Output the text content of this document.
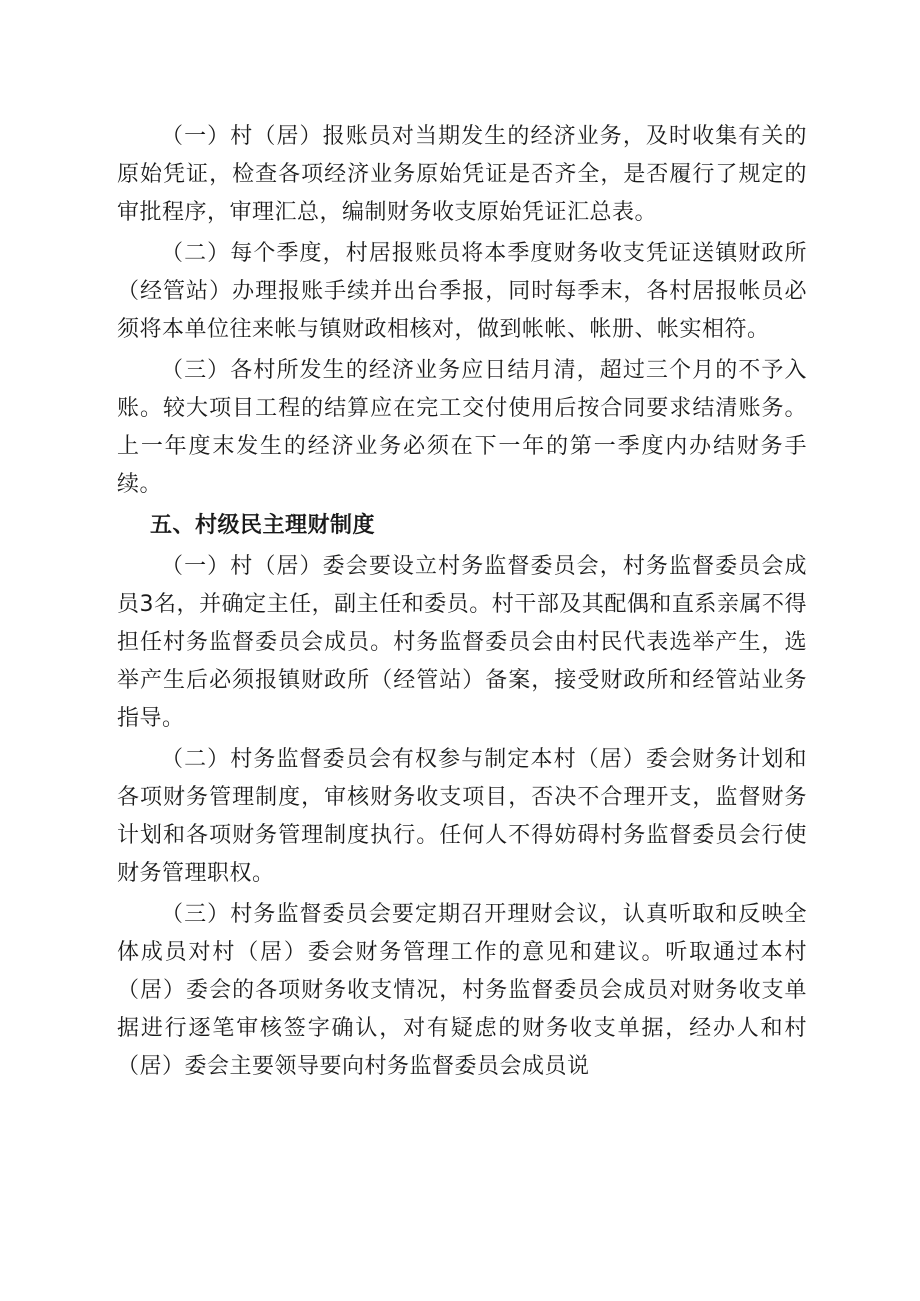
（一）村（居）报账员对当期发生的经济业务，及时收集有关的原始凭证，检查各项经济业务原始凭证是否齐全，是否履行了规定的审批程序，审理汇总，编制财务收支原始凭证汇总表。

（二）每个季度，村居报账员将本季度财务收支凭证送镇财政所（经管站）办理报账手续并出台季报，同时每季末，各村居报帐员必须将本单位往来帐与镇财政相核对，做到帐帐、帐册、帐实相符。

（三）各村所发生的经济业务应日结月清，超过三个月的不予入账。较大项目工程的结算应在完工交付使用后按合同要求结清账务。上一年度末发生的经济业务必须在下一年的第一季度内办结财务手续。

五、村级民主理财制度

（一）村（居）委会要设立村务监督委员会，村务监督委员会成员3名，并确定主任，副主任和委员。村干部及其配偶和直系亲属不得担任村务监督委员会成员。村务监督委员会由村民代表选举产生，选举产生后必须报镇财政所（经管站）备案，接受财政所和经管站业务指导。

（二）村务监督委员会有权参与制定本村（居）委会财务计划和各项财务管理制度，审核财务收支项目，否决不合理开支，监督财务计划和各项财务管理制度执行。任何人不得妨碍村务监督委员会行使财务管理职权。

（三）村务监督委员会要定期召开理财会议，认真听取和反映全体成员对村（居）委会财务管理工作的意见和建议。听取通过本村（居）委会的各项财务收支情况，村务监督委员会成员对财务收支单据进行逐笔审核签字确认，对有疑虑的财务收支单据，经办人和村（居）委会主要领导要向村务监督委员会成员说
